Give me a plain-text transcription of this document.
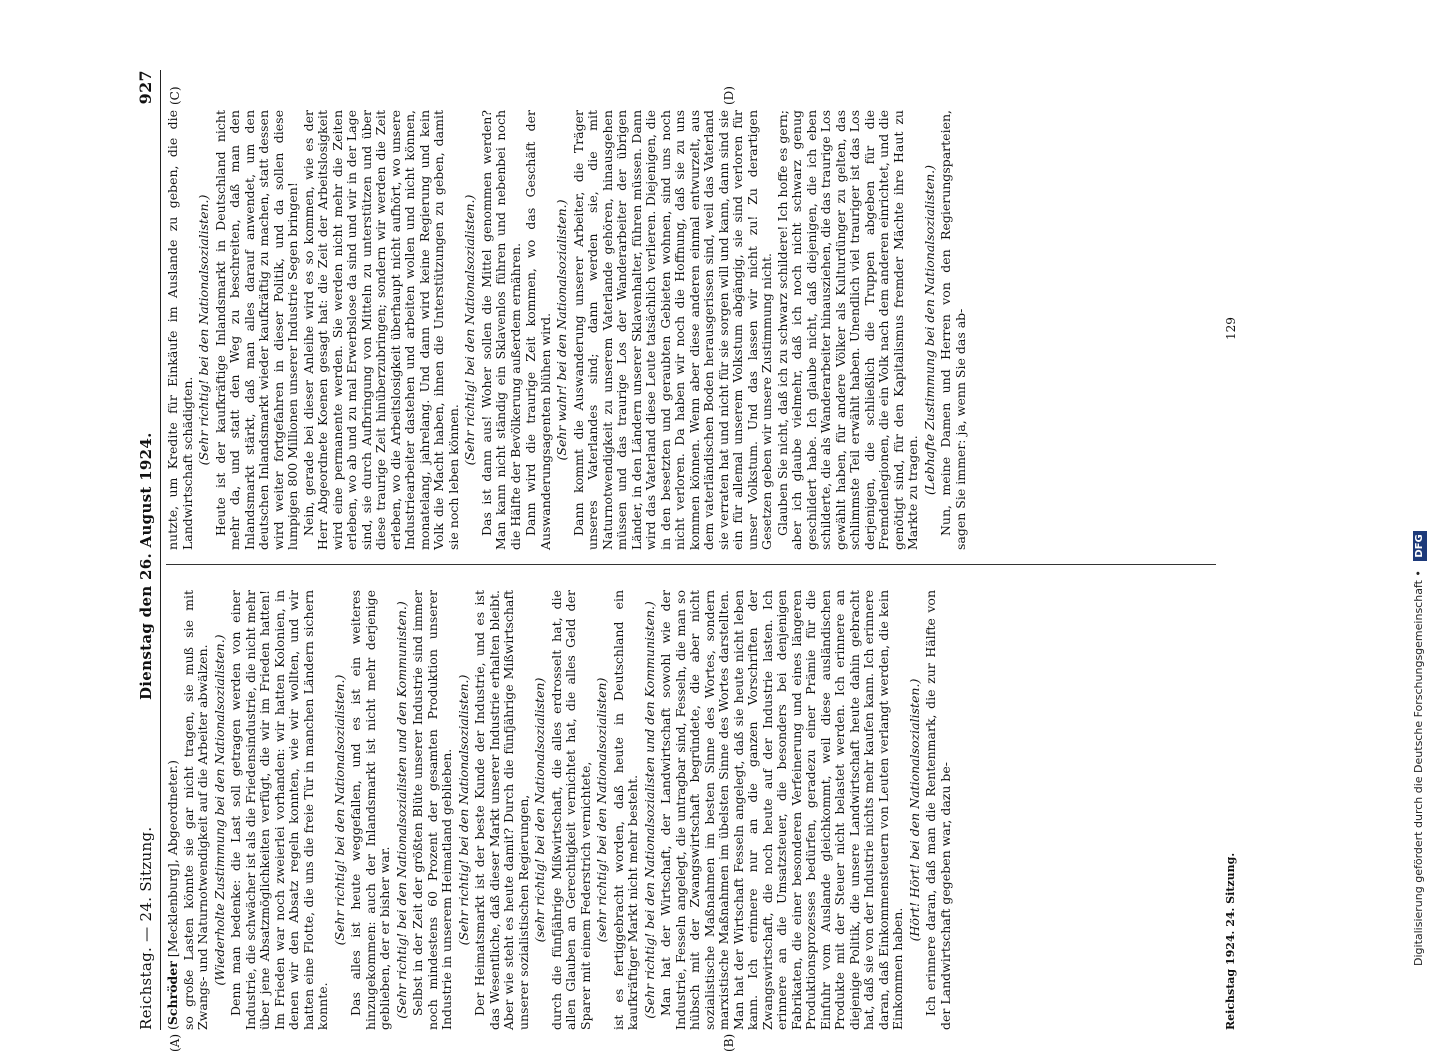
Reichstag. — 24. Sitzung.
Dienstag den 26. August 1924.
927

(Schröder [Mecklenburg], Abgeordneter.) so große Lasten könnte sie gar nicht tragen, sie muß sie mit Zwangs- und Naturnotwendigkeit auf die Arbeiter abwälzen. (Wiederholte Zustimmung bei den Nationalsozialisten.) Denn man bedenke: die Last soll getragen werden von einer Industrie, die schwächer ist als die Friedensindustrie, die nicht mehr über jene Absatzmöglichkeiten verfügt, die wir im Frieden hatten! Im Frieden war noch zweierlei vorhanden: wir hatten Kolonien, in denen wir den Absatz regeln konnten, wie wir wollten, und wir hatten eine Flotte, die uns die freie Tür in manchen Ländern sichern konnte.

(Sehr richtig! bei den Nationalsozialisten.) Das alles ist heute weggefallen, und es ist ein weiteres hinzugekommen: auch der Inlandsmarkt ist nicht mehr derjenige geblieben, der er bisher war. (Sehr richtig! bei den Nationalsozialisten und den Kommunisten.) Selbst in der Zeit der größten Blüte unserer Industrie sind immer noch mindestens 60 Prozent der gesamten Produktion unserer Industrie in unserem Heimatland geblieben. (Sehr richtig! bei den Nationalsozialisten.) Der Heimatsmarkt ist der beste Kunde der Industrie, und es ist das Wesentliche, daß dieser Markt unserer Industrie erhalten bleibt. Aber wie steht es heute damit? Durch die fünfjährige Mißwirtschaft unserer sozialistischen Regierungen, (sehr richtig! bei den Nationalsozialisten) durch die fünfjährige Mißwirtschaft, die alles erdrosselt hat, die allen Glauben an Gerechtigkeit vernichtet hat, die alles Geld der Sparer mit einem Federstrich vernichtete, (sehr richtig! bei den Nationalsozialisten) ist es fertiggebracht worden, daß heute in Deutschland ein kaufkräftiger Markt nicht mehr besteht. (Sehr richtig! bei den Nationalsozialisten und den Kommunisten.) Man hat der Wirtschaft, der Landwirtschaft sowohl wie der Industrie, Fesseln angelegt, die untragbar sind, Fesseln, die man so hübsch mit der Zwangswirtschaft begründete, die aber nicht sozialistische Maßnahmen im besten Sinne des Wortes, sondern marxistische Maßnahmen im übelsten Sinne des Wortes darstellten. Man hat der Wirtschaft Fesseln angelegt, daß sie heute nicht leben kann. Ich erinnere nur an die ganzen Vorschriften der Zwangswirtschaft, die noch heute auf der Industrie lasten. Ich erinnere an die Umsatzsteuer, die besonders bei denjenigen Fabrikaten, die einer besonderen Verfeinerung und eines längeren Produktionsprozesses bedürfen, geradezu einer Prämie für die Einfuhr vom Auslande gleichkommt, weil diese ausländischen Produkte mit der Steuer nicht belastet werden. Ich erinnere an diejenige Politik, die unsere Landwirtschaft heute dahin gebracht hat, daß sie von der Industrie nichts mehr kaufen kann. Ich erinnere daran, daß Einkommensteuern von Leuten verlangt werden, die kein Einkommen haben.

(Hört! Hört! bei den Nationalsozialisten.) Ich erinnere daran, daß man die Rentenmark, die zur Hälfte von der Landwirtschaft gegeben war, dazu be-

nutzte, um Kredite für Einkäufe im Auslande zu geben, die die Landwirtschaft schädigten. (Sehr richtig! bei den Nationalsozialisten.) Heute ist der kaufkräftige Inlandsmarkt in Deutschland nicht mehr da, und statt den Weg zu beschreiten, daß man den Inlandsmarkt stärkt, daß man alles darauf anwendet, um den deutschen Inlandsmarkt wieder kaufkräftig zu machen, statt dessen wird weiter fortgefahren in dieser Politik, und da sollen diese lumpigen 800 Millionen unserer Industrie Segen bringen! Nein, gerade bei dieser Anleihe wird es so kommen, wie es der Herr Abgeordnete Koenen gesagt hat: die Zeit der Arbeitslosigkeit wird eine permanente werden. Sie werden nicht mehr die Zeiten erleben, wo ab und zu mal Erwerbslose da sind und wir in der Lage sind, sie durch Aufbringung von Mitteln zu unterstützen und über diese traurige Zeit hinüberzubringen; sondern wir werden die Zeit erleben, wo die Arbeitslosigkeit überhaupt nicht aufhört, wo unsere Industriearbeiter dastehen und arbeiten wollen und nicht können, monatelang, jahrelang. Und dann wird keine Regierung und kein Volk die Macht haben, ihnen die Unterstützungen zu geben, damit sie noch leben können.

(Sehr richtig! bei den Nationalsozialisten.) Das ist dann aus! Woher sollen die Mittel genommen werden? Man kann nicht ständig ein Sklavenlos führen und nebenbei noch die Hälfte der Bevölkerung außerdem ernähren. Dann wird die traurige Zeit kommen, wo das Geschäft der Auswanderungsagenten blühen wird. (Sehr wahr! bei den Nationalsozialisten.) Dann kommt die Auswanderung unserer Arbeiter, die Träger unseres Vaterlandes sind; dann werden sie, die mit Naturnotwendigkeit zu unserem Vaterlande gehören, hinausgehen müssen und das traurige Los der Wanderarbeiter der übrigen Länder, in den Ländern unserer Sklavenhalter, führen müssen. Dann wird das Vaterland diese Leute tatsächlich verlieren. Diejenigen, die in den besetzten und geraubten Gebieten wohnen, sind uns noch nicht verloren. Da haben wir noch die Hoffnung, daß sie zu uns kommen können. Wenn aber diese anderen einmal entwurzelt, aus dem vaterländischen Boden herausgerissen sind, weil das Vaterland sie verraten hat und nicht für sie sorgen will und kann, dann sind sie ein für allemal unserem Volkstum abgängig, sie sind verloren für unser Volkstum. Und das lassen wir nicht zu! Zu derartigen Gesetzen geben wir unsere Zustimmung nicht. Glauben Sie nicht, daß ich zu schwarz schildere! Ich hoffe es gern; aber ich glaube vielmehr, daß ich noch nicht schwarz genug geschildert habe. Ich glaube nicht, daß diejenigen, die ich eben schilderte, die als Wanderarbeiter hinausziehen, die das traurige Los gewählt haben, für andere Völker als Kulturdünger zu gelten, das schlimmste Teil erwählt haben. Unendlich viel trauriger ist das Los derjenigen, die schließlich die Truppen abgeben für die Fremdenlegionen, die ein Volk nach dem anderen einrichtet, und die genötigt sind, für den Kapitalismus fremder Mächte ihre Haut zu Markte zu tragen. (Lebhafte Zustimmung bei den Nationalsozialisten.) Nun, meine Damen und Herren von den Regierungsparteien, sagen Sie immer: ja, wenn Sie das ab-

(A)	(B)
(C)	(D)
Reichstag 1924. 24. Sitzung.
129
Digitalisierung gefördert durch die Deutsche Forschungsgemeinschaft • DFG
